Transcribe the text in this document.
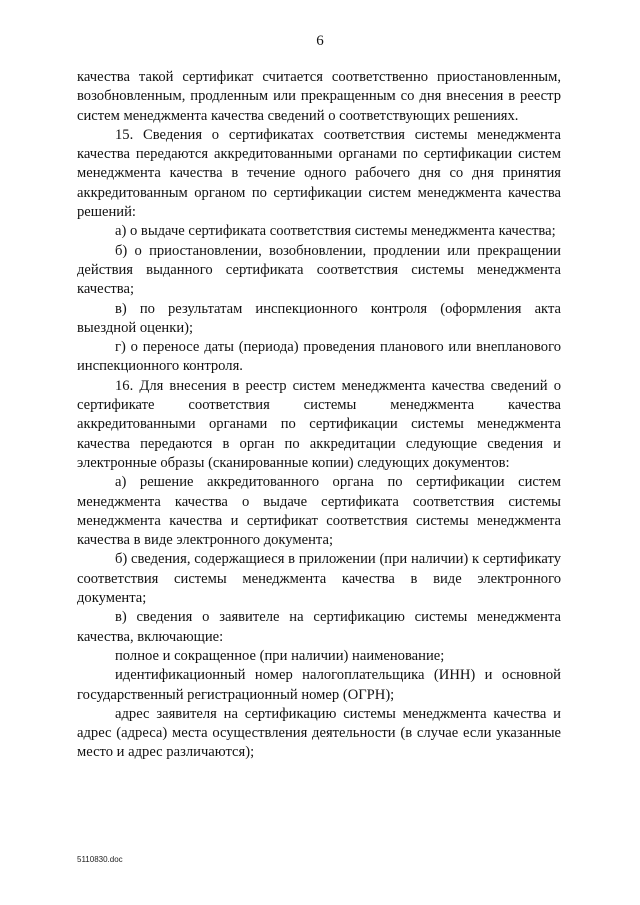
6

качества такой сертификат считается соответственно приостановленным, возобновленным, продленным или прекращенным со дня внесения в реестр систем менеджмента качества сведений о соответствующих решениях.

15. Сведения о сертификатах соответствия системы менеджмента качества передаются аккредитованными органами по сертификации систем менеджмента качества в течение одного рабочего дня со дня принятия аккредитованным органом по сертификации систем менеджмента качества решений:

а) о выдаче сертификата соответствия системы менеджмента качества;

б) о приостановлении, возобновлении, продлении или прекращении действия выданного сертификата соответствия системы менеджмента качества;

в) по результатам инспекционного контроля (оформления акта выездной оценки);

г) о переносе даты (периода) проведения планового или внепланового инспекционного контроля.

16. Для внесения в реестр систем менеджмента качества сведений о сертификате соответствия системы менеджмента качества аккредитованными органами по сертификации системы менеджмента качества передаются в орган по аккредитации следующие сведения и электронные образы (сканированные копии) следующих документов:

а) решение аккредитованного органа по сертификации систем менеджмента качества о выдаче сертификата соответствия системы менеджмента качества и сертификат соответствия системы менеджмента качества в виде электронного документа;

б) сведения, содержащиеся в приложении (при наличии) к сертификату соответствия системы менеджмента качества в виде электронного документа;

в) сведения о заявителе на сертификацию системы менеджмента качества, включающие:

полное и сокращенное (при наличии) наименование;

идентификационный номер налогоплательщика (ИНН) и основной государственный регистрационный номер (ОГРН);

адрес заявителя на сертификацию системы менеджмента качества и адрес (адреса) места осуществления деятельности (в случае если указанные место и адрес различаются);

5110830.doc
